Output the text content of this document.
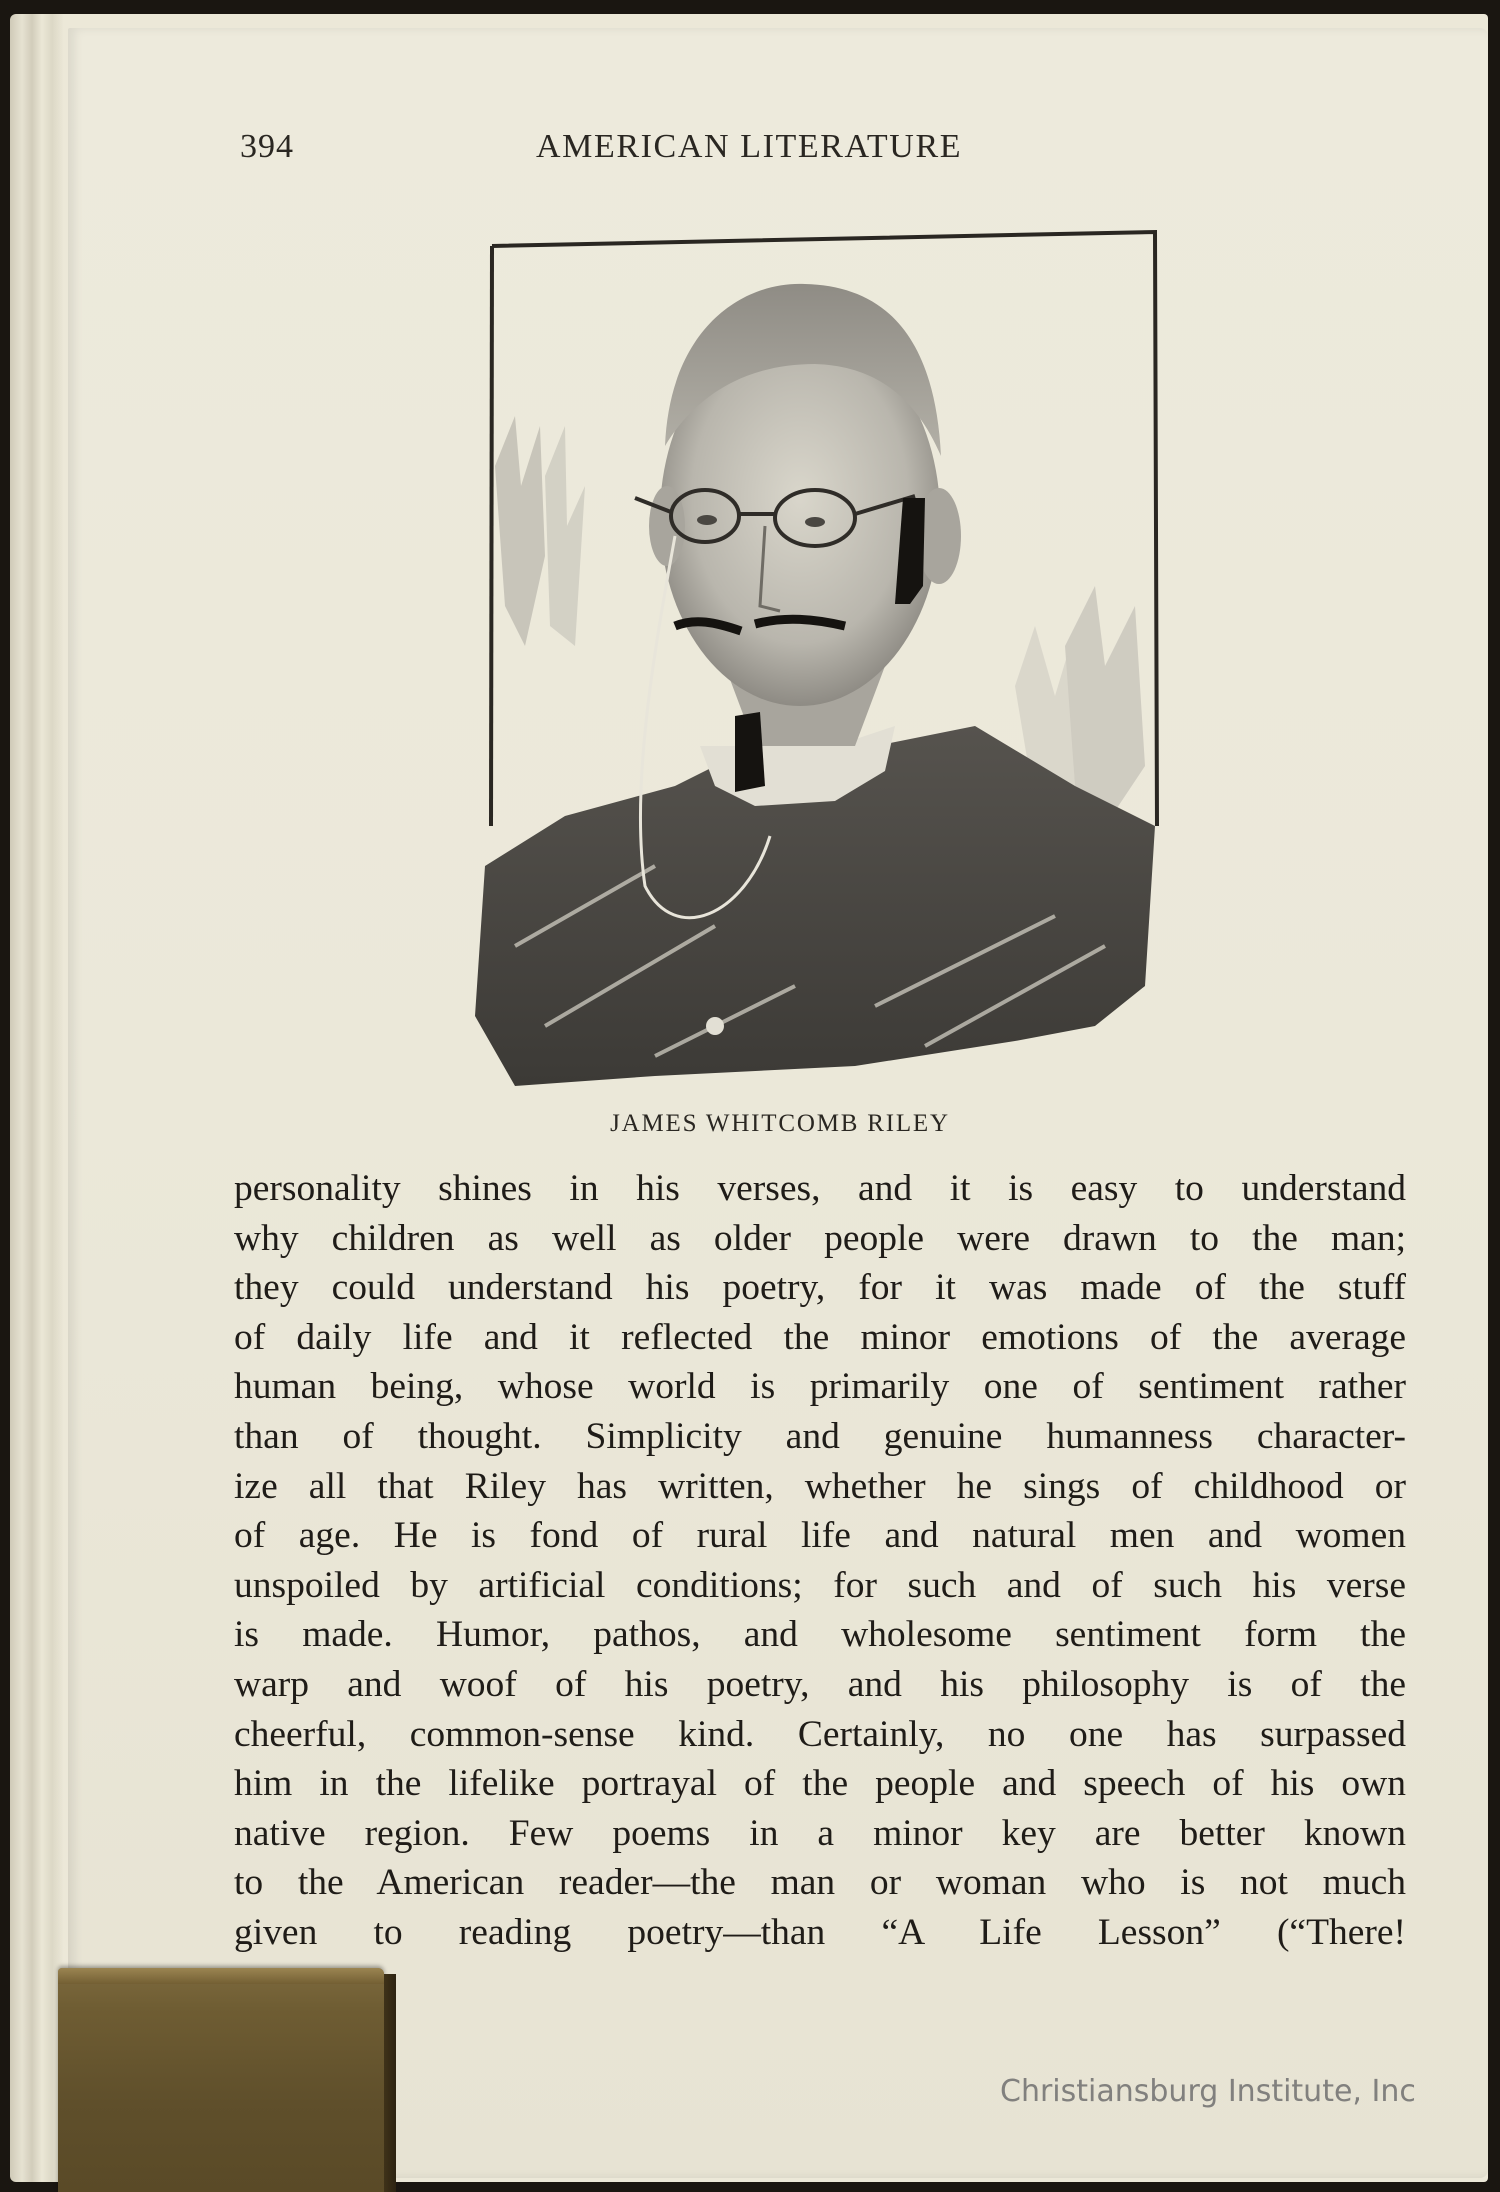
394	AMERICAN LITERATURE
JAMES WHITCOMB RILEY
personality shines in his verses, and it is easy to understand
why children as well as older people were drawn to the man;
they could understand his poetry, for it was made of the stuff
of daily life and it reflected the minor emotions of the average
human being, whose world is primarily one of sentiment rather
than of thought. Simplicity and genuine humanness character-
ize all that Riley has written, whether he sings of childhood or
of age. He is fond of rural life and natural men and women
unspoiled by artificial conditions; for such and of such his verse
is made. Humor, pathos, and wholesome sentiment form the
warp and woof of his poetry, and his philosophy is of the
cheerful, common-sense kind. Certainly, no one has surpassed
him in the lifelike portrayal of the people and speech of his own
native region. Few poems in a minor key are better known
to the American reader—the man or woman who is not much
given to reading poetry—than “A Life Lesson” (“There!
Christiansburg Institute, Inc
